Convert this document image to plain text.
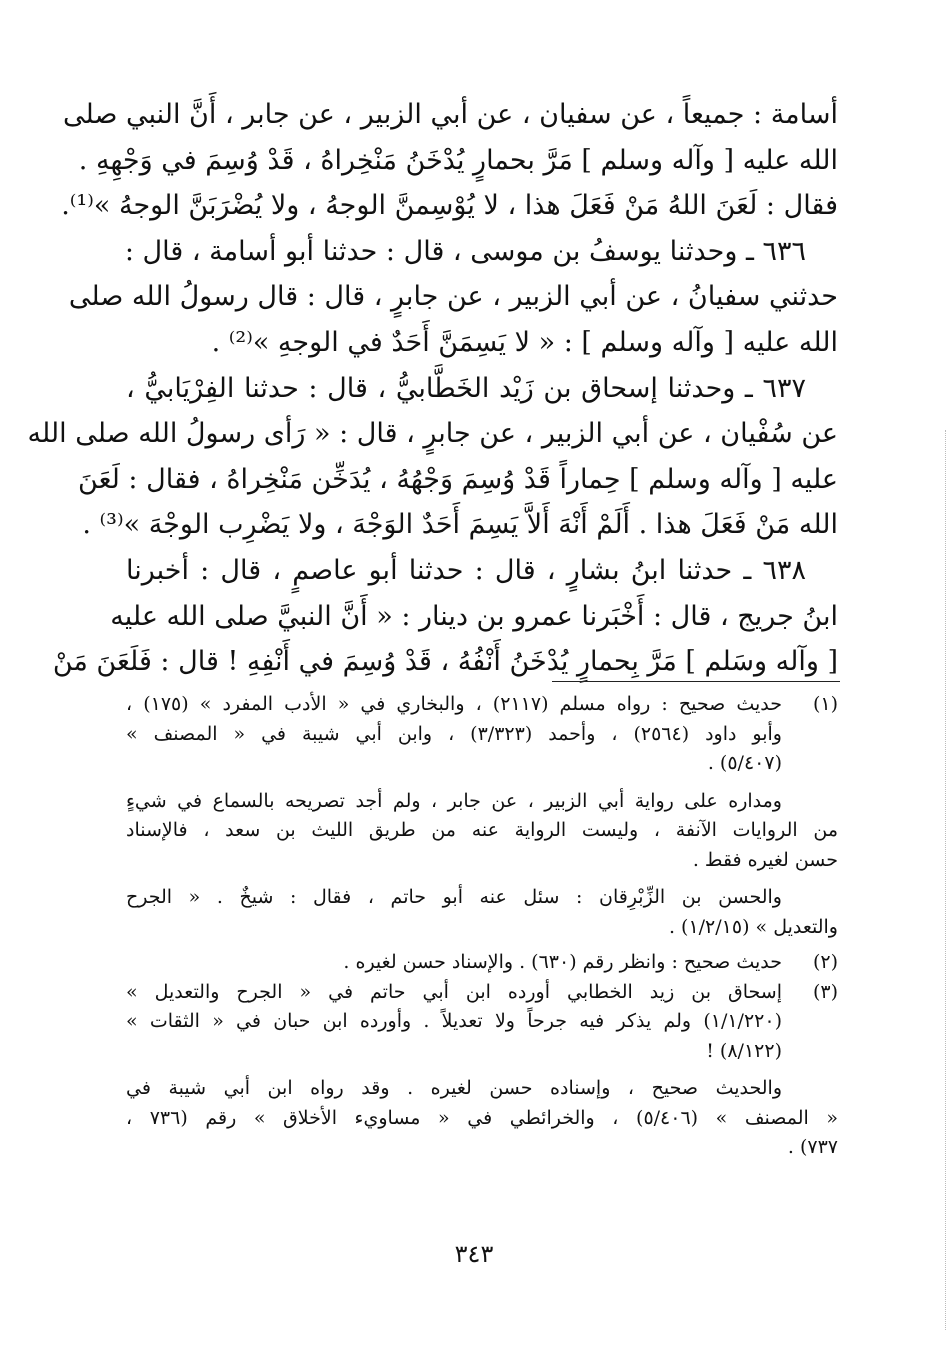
أسامة : جميعاً ، عن سفيان ، عن أبي الزبير ، عن جابر ، أَنَّ النبي صلى
الله عليه [ وآله وسلم ] مَرَّ بحمارٍ يُدْخَنُ مَنْخِراهُ ، قَدْ وُسِمَ في وَجْهِهِ .
فقال : لَعَنَ اللهُ مَنْ فَعَلَ هذا ، لا يُوْسِمنَّ الوجهُ ، ولا يُضْرَبَنَّ الوجهُ »⁽¹⁾.
٦٣٦ ـ وحدثنا يوسفُ بن موسى ، قال : حدثنا أبو أسامة ، قال :
حدثني سفيانُ ، عن أبي الزبير ، عن جابرٍ ، قال : قال رسولُ الله صلى
الله عليه [ وآله وسلم ] : « لا يَسِمَنَّ أَحَدٌ في الوجهِ »⁽²⁾ .
٦٣٧ ـ وحدثنا إسحاق بن زَيْد الخَطَّابيُّ ، قال : حدثنا الفِرْيَابيُّ ،
عن سُفْيان ، عن أبي الزبير ، عن جابرٍ ، قال : « رَأى رسولُ الله صلى الله
عليه [ وآله وسلم ] حِماراً قَدْ وُسِمَ وَجْهُهُ ، يُدَخِّن مَنْخِراهُ ، فقال : لَعَنَ
الله مَنْ فَعَلَ هذا . أَلَمْ أَنْهَ أَلاَّ يَسِمَ أَحَدٌ الوَجْهَ ، ولا يَضْرِب الوجْهَ »⁽³⁾ .
٦٣٨ ـ حدثنا ابنُ بشارٍ ، قال : حدثنا أبو عاصمٍ ، قال : أخبرنا
ابنُ جريج ، قال : أَخْبَرنا عمرو بن دينار : « أَنَّ النبيَّ صلى الله عليه
[ وآله وسَلم ] مَرَّ بِحمارٍ يُدْخَنُ أَنْفُهُ ، قَدْ وُسِمَ في أَنْفِهِ ! قال : فَلَعَنَ مَنْ
(١)
حديث صحيح : رواه مسلم (٢١١٧) ، والبخاري في « الأدب المفرد » (١٧٥) ،
وأبو داود (٢٥٦٤) ، وأحمد (٣/٣٢٣) ، وابن أبي شيبة في « المصنف »
(٥/٤٠٧) .
ومداره على رواية أبي الزبير ، عن جابر ، ولم أجد تصريحه بالسماع في شيءٍ
من الروايات الآنفة ، وليست الرواية عنه من طريق الليث بن سعد ، فالإسناد
حسن لغيره فقط .
والحسن بن الزِّبْرِقان : سئل عنه أبو حاتم ، فقال : شيخٌ . « الجرح
والتعديل » (١/٢/١٥) .
(٢)
حديث صحيح : وانظر رقم (٦٣٠) . والإسناد حسن لغيره .
(٣)
إسحاق بن زيد الخطابي أورده ابن أبي حاتم في « الجرح والتعديل »
(١/١/٢٢٠) ولم يذكر فيه جرحاً ولا تعديلاً . وأورده ابن حبان في « الثقات »
(٨/١٢٢) !
والحديث صحيح ، وإسناده حسن لغيره . وقد رواه ابن أبي شيبة في
« المصنف » (٥/٤٠٦) ، والخرائطي في « مساويء الأخلاق » رقم (٧٣٦ ،
٧٣٧) .
٣٤٣
